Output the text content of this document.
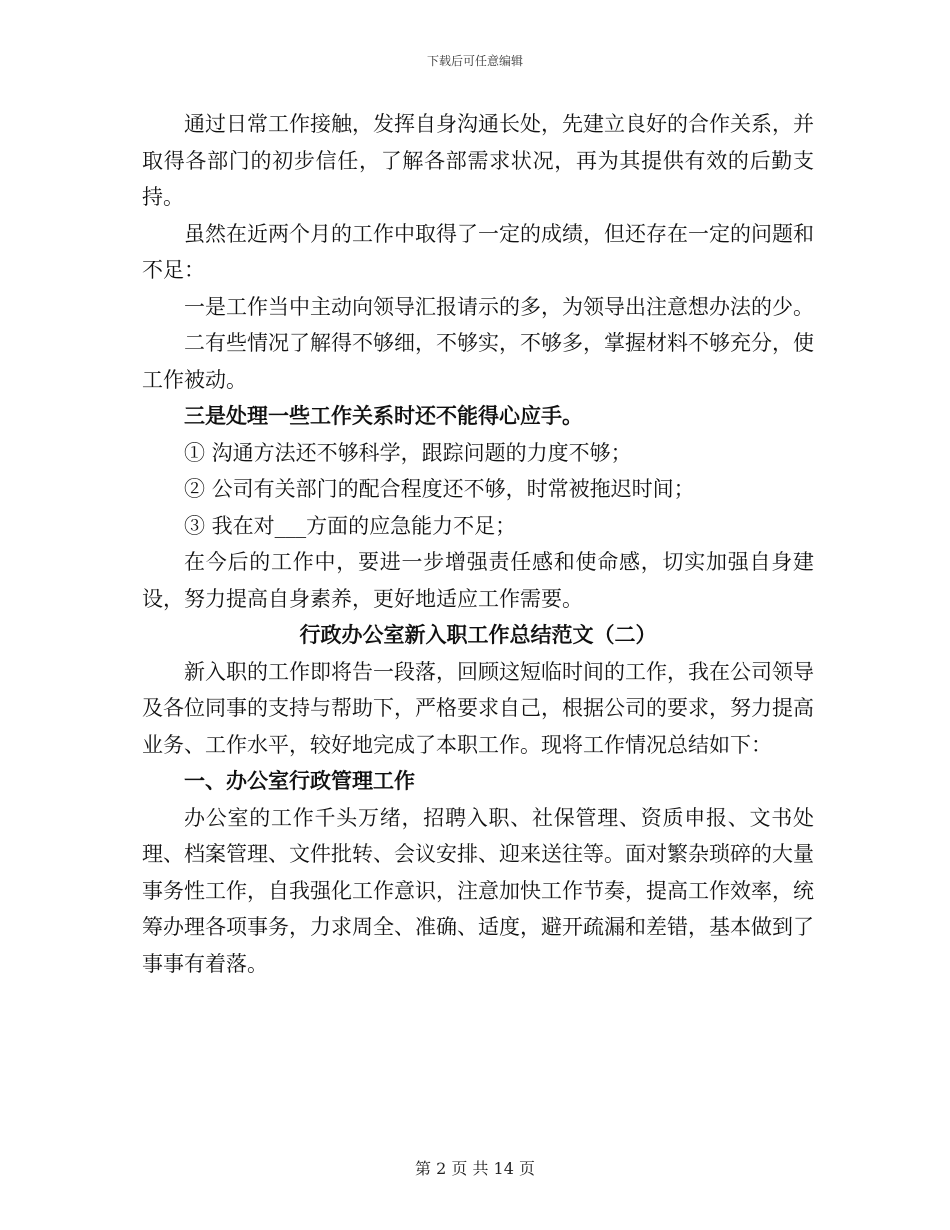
下载后可任意编辑

通过日常工作接触，发挥自身沟通长处，先建立良好的合作关系，并取得各部门的初步信任，了解各部需求状况，再为其提供有效的后勤支持。

虽然在近两个月的工作中取得了一定的成绩，但还存在一定的问题和不足：

一是工作当中主动向领导汇报请示的多，为领导出注意想办法的少。

二有些情况了解得不够细，不够实，不够多，掌握材料不够充分，使工作被动。

三是处理一些工作关系时还不能得心应手。

① 沟通方法还不够科学，跟踪问题的力度不够；

② 公司有关部门的配合程度还不够，时常被拖迟时间；

③ 我在对___方面的应急能力不足；

在今后的工作中，要进一步增强责任感和使命感，切实加强自身建设，努力提高自身素养，更好地适应工作需要。

行政办公室新入职工作总结范文（二）

新入职的工作即将告一段落，回顾这短临时间的工作，我在公司领导及各位同事的支持与帮助下，严格要求自己，根据公司的要求，努力提高业务、工作水平，较好地完成了本职工作。现将工作情况总结如下：

一、办公室行政管理工作

办公室的工作千头万绪，招聘入职、社保管理、资质申报、文书处理、档案管理、文件批转、会议安排、迎来送往等。面对繁杂琐碎的大量事务性工作，自我强化工作意识，注意加快工作节奏，提高工作效率，统筹办理各项事务，力求周全、准确、适度，避开疏漏和差错，基本做到了事事有着落。

第 2 页 共 14 页
